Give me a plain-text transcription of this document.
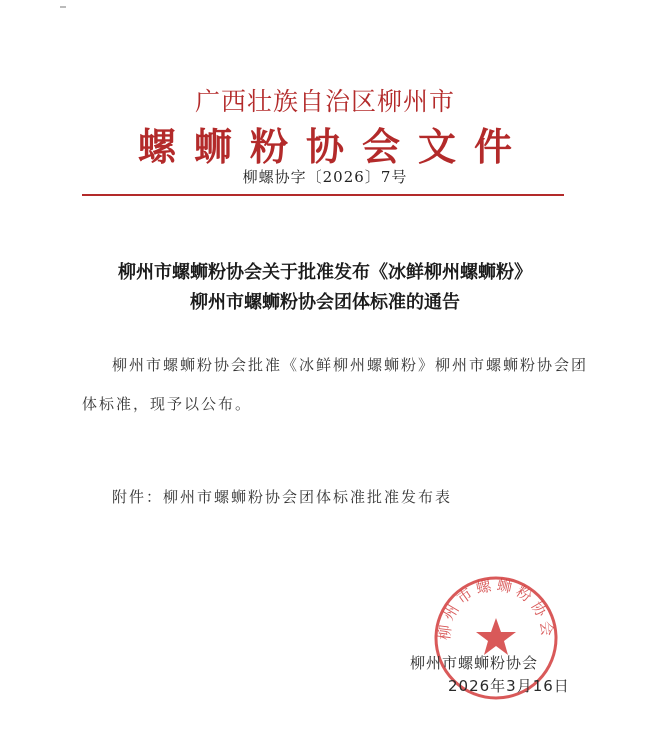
广西壮族自治区柳州市
螺蛳粉协会文件
柳螺协字〔2026〕7号
柳州市螺蛳粉协会关于批准发布《冰鲜柳州螺蛳粉》
柳州市螺蛳粉协会团体标准的通告
柳州市螺蛳粉协会批准《冰鲜柳州螺蛳粉》柳州市螺蛳粉协会团
体标准，现予以公布。
附件：柳州市螺蛳粉协会团体标准批准发布表
柳州市螺蛳粉协会
柳州市螺蛳粉协会
2026年3月16日
